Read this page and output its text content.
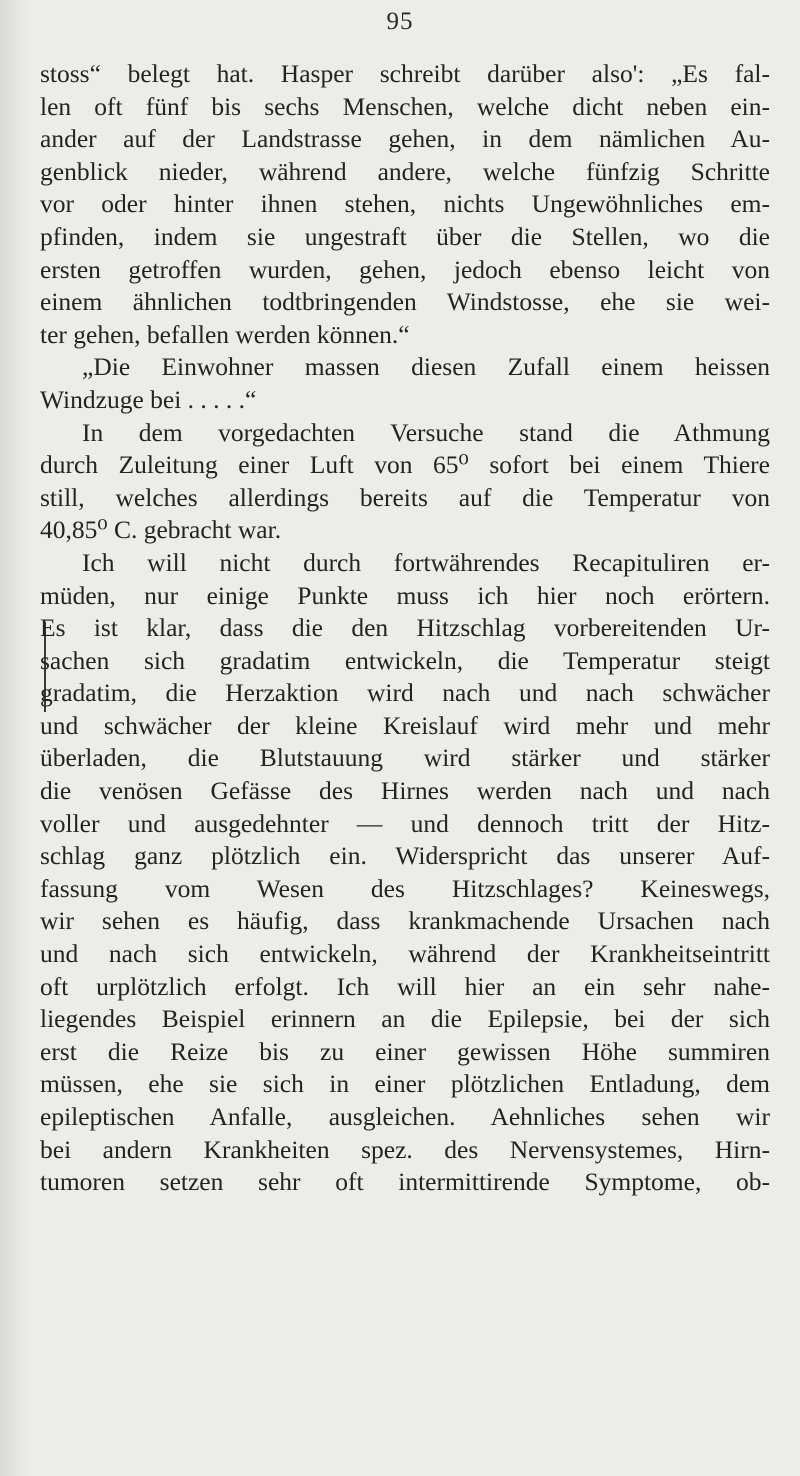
95
stoss“ belegt hat. Hasper schreibt darüber also': „Es fal-
len oft fünf bis sechs Menschen, welche dicht neben ein-
ander auf der Landstrasse gehen, in dem nämlichen Au-
genblick nieder, während andere, welche fünfzig Schritte
vor oder hinter ihnen stehen, nichts Ungewöhnliches em-
pfinden, indem sie ungestraft über die Stellen, wo die
ersten getroffen wurden, gehen, jedoch ebenso leicht von
einem ähnlichen todtbringenden Windstosse, ehe sie wei-
ter gehen, befallen werden können.“
„Die Einwohner massen diesen Zufall einem heissen
Windzuge bei . . . . .“
In dem vorgedachten Versuche stand die Athmung
durch Zuleitung einer Luft von 65⁰ sofort bei einem Thiere
still, welches allerdings bereits auf die Temperatur von
40,85⁰ C. gebracht war.
Ich will nicht durch fortwährendes Recapituliren er-
müden, nur einige Punkte muss ich hier noch erörtern.
Es ist klar, dass die den Hitzschlag vorbereitenden Ur-
sachen sich gradatim entwickeln, die Temperatur steigt
gradatim, die Herzaktion wird nach und nach schwächer
und schwächer der kleine Kreislauf wird mehr und mehr
überladen, die Blutstauung wird stärker und stärker
die venösen Gefässe des Hirnes werden nach und nach
voller und ausgedehnter — und dennoch tritt der Hitz-
schlag ganz plötzlich ein. Widerspricht das unserer Auf-
fassung vom Wesen des Hitzschlages? Keineswegs,
wir sehen es häufig, dass krankmachende Ursachen nach
und nach sich entwickeln, während der Krankheitseintritt
oft urplötzlich erfolgt. Ich will hier an ein sehr nahe-
liegendes Beispiel erinnern an die Epilepsie, bei der sich
erst die Reize bis zu einer gewissen Höhe summiren
müssen, ehe sie sich in einer plötzlichen Entladung, dem
epileptischen Anfalle, ausgleichen. Aehnliches sehen wir
bei andern Krankheiten spez. des Nervensystemes, Hirn-
tumoren setzen sehr oft intermittirende Symptome, ob-
